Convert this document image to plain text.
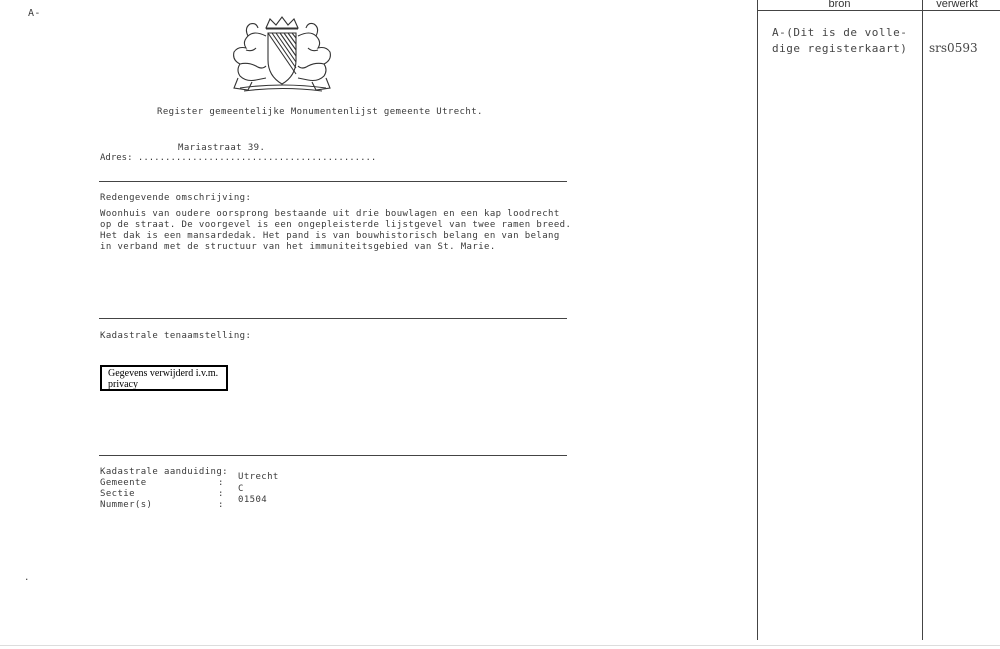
A-
Register gemeentelijke Monumentenlijst gemeente Utrecht.
Mariastraat 39.
Adres: ............................................
Redengevende omschrijving:
Woonhuis van oudere oorsprong bestaande uit drie bouwlagen en een kap loodrecht
op de straat. De voorgevel is een ongepleisterde lijstgevel van twee ramen breed.
Het dak is een mansardedak. Het pand is van bouwhistorisch belang en van belang
in verband met de structuur van het immuniteitsgebied van St. Marie.
Kadastrale tenaamstelling:
Gegevens verwijderd i.v.m. privacy
Kadastrale aanduiding:
Gemeente	:
Utrecht
Sectie	: C
Nummer(s)	: 01504
.
bron	verwerkt
A-(Dit is de volle-
dige registerkaart) srs0593
